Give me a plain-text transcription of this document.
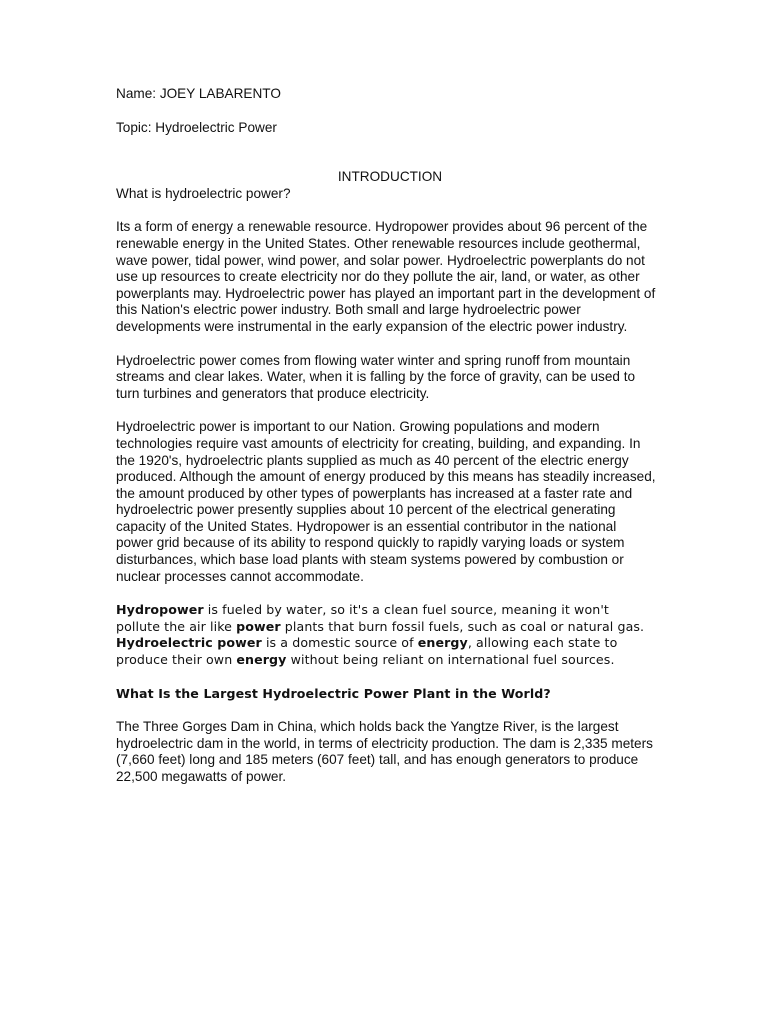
Name: JOEY LABARENTO

Topic: Hydroelectric Power

INTRODUCTION

What is hydroelectric power?

Its a form of energy a renewable resource. Hydropower provides about 96 percent of the renewable energy in the United States. Other renewable resources include geothermal, wave power, tidal power, wind power, and solar power. Hydroelectric powerplants do not use up resources to create electricity nor do they pollute the air, land, or water, as other powerplants may. Hydroelectric power has played an important part in the development of this Nation's electric power industry. Both small and large hydroelectric power developments were instrumental in the early expansion of the electric power industry.

Hydroelectric power comes from flowing water winter and spring runoff from mountain streams and clear lakes. Water, when it is falling by the force of gravity, can be used to turn turbines and generators that produce electricity.

Hydroelectric power is important to our Nation. Growing populations and modern technologies require vast amounts of electricity for creating, building, and expanding. In the 1920's, hydroelectric plants supplied as much as 40 percent of the electric energy produced. Although the amount of energy produced by this means has steadily increased, the amount produced by other types of powerplants has increased at a faster rate and hydroelectric power presently supplies about 10 percent of the electrical generating capacity of the United States. Hydropower is an essential contributor in the national power grid because of its ability to respond quickly to rapidly varying loads or system disturbances, which base load plants with steam systems powered by combustion or nuclear processes cannot accommodate.

Hydropower is fueled by water, so it's a clean fuel source, meaning it won't pollute the air like power plants that burn fossil fuels, such as coal or natural gas. Hydroelectric power is a domestic source of energy, allowing each state to produce their own energy without being reliant on international fuel sources.

What Is the Largest Hydroelectric Power Plant in the World?

The Three Gorges Dam in China, which holds back the Yangtze River, is the largest hydroelectric dam in the world, in terms of electricity production. The dam is 2,335 meters (7,660 feet) long and 185 meters (607 feet) tall, and has enough generators to produce 22,500 megawatts of power.
